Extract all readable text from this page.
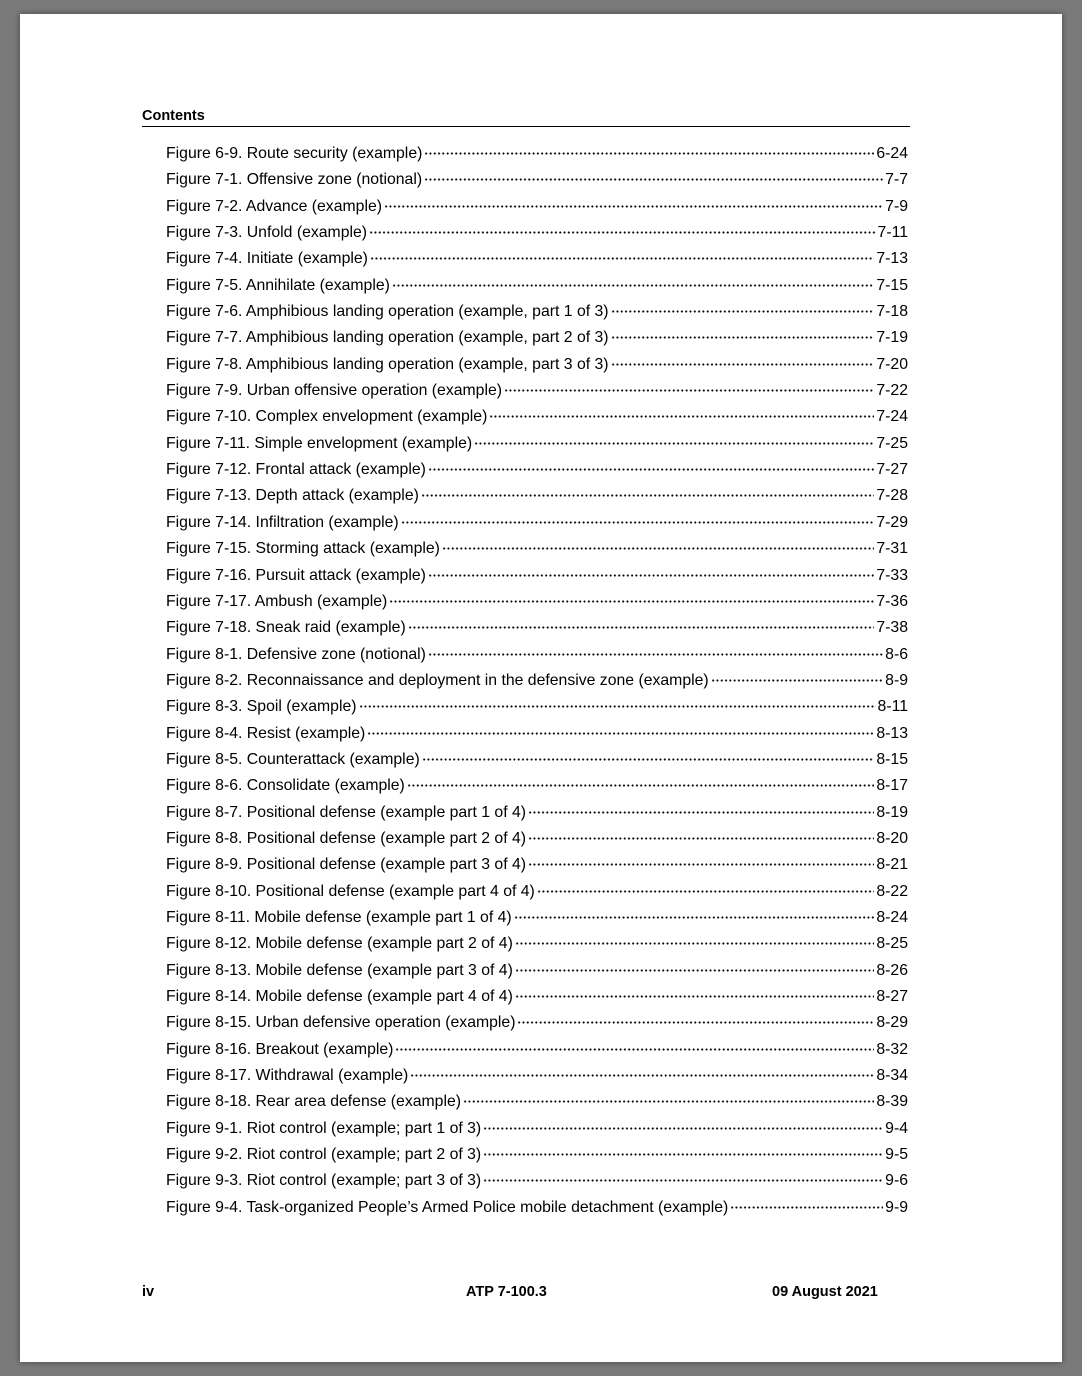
Contents
Figure 6-9. Route security (example)	6-24
Figure 7-1. Offensive zone (notional)	7-7
Figure 7-2. Advance (example)	7-9
Figure 7-3. Unfold (example)	7-11
Figure 7-4. Initiate (example)	7-13
Figure 7-5. Annihilate (example)	7-15
Figure 7-6. Amphibious landing operation (example, part 1 of 3)	7-18
Figure 7-7. Amphibious landing operation (example, part 2 of 3)	7-19
Figure 7-8. Amphibious landing operation (example, part 3 of 3)	7-20
Figure 7-9. Urban offensive operation (example)	7-22
Figure 7-10. Complex envelopment (example)	7-24
Figure 7-11. Simple envelopment (example)	7-25
Figure 7-12. Frontal attack (example)	7-27
Figure 7-13. Depth attack (example)	7-28
Figure 7-14. Infiltration (example)	7-29
Figure 7-15. Storming attack (example)	7-31
Figure 7-16. Pursuit attack (example)	7-33
Figure 7-17. Ambush (example)	7-36
Figure 7-18. Sneak raid (example)	7-38
Figure 8-1. Defensive zone (notional)	8-6
Figure 8-2. Reconnaissance and deployment in the defensive zone (example)	8-9
Figure 8-3. Spoil (example)	8-11
Figure 8-4. Resist (example)	8-13
Figure 8-5. Counterattack (example)	8-15
Figure 8-6. Consolidate (example)	8-17
Figure 8-7. Positional defense (example part 1 of 4)	8-19
Figure 8-8. Positional defense (example part 2 of 4)	8-20
Figure 8-9. Positional defense (example part 3 of 4)	8-21
Figure 8-10. Positional defense (example part 4 of 4)	8-22
Figure 8-11. Mobile defense (example part 1 of 4)	8-24
Figure 8-12. Mobile defense (example part 2 of 4)	8-25
Figure 8-13. Mobile defense (example part 3 of 4)	8-26
Figure 8-14. Mobile defense (example part 4 of 4)	8-27
Figure 8-15. Urban defensive operation (example)	8-29
Figure 8-16. Breakout (example)	8-32
Figure 8-17. Withdrawal (example)	8-34
Figure 8-18. Rear area defense (example)	8-39
Figure 9-1. Riot control (example; part 1 of 3)	9-4
Figure 9-2. Riot control (example; part 2 of 3)	9-5
Figure 9-3. Riot control (example; part 3 of 3)	9-6
Figure 9-4. Task-organized People’s Armed Police mobile detachment (example)	9-9
iv	ATP 7-100.3	09 August 2021
